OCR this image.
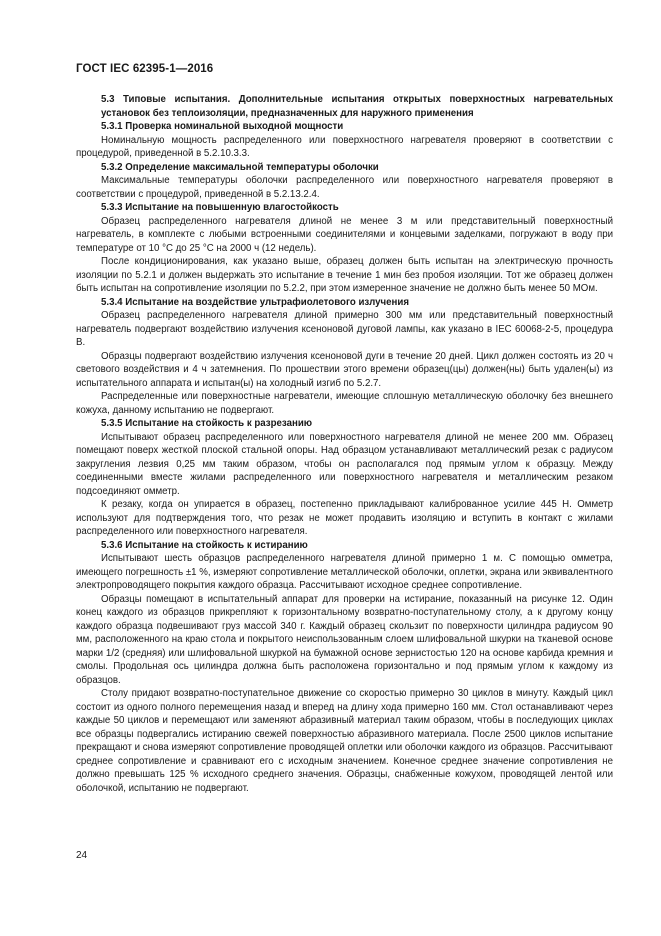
ГОСТ IEC 62395-1—2016
5.3 Типовые испытания. Дополнительные испытания открытых поверхностных нагревательных установок без теплоизоляции, предназначенных для наружного применения
5.3.1 Проверка номинальной выходной мощности

Номинальную мощность распределенного или поверхностного нагревателя проверяют в соответствии с процедурой, приведенной в 5.2.10.3.3.

5.3.2 Определение максимальной температуры оболочки

Максимальные температуры оболочки распределенного или поверхностного нагревателя проверяют в соответствии с процедурой, приведенной в 5.2.13.2.4.

5.3.3 Испытание на повышенную влагостойкость

Образец распределенного нагревателя длиной не менее 3 м или представительный поверхностный нагреватель, в комплекте с любыми встроенными соединителями и концевыми заделками, погружают в воду при температуре от 10 °С до 25 °С на 2000 ч (12 недель).

После кондиционирования, как указано выше, образец должен быть испытан на электрическую прочность изоляции по 5.2.1 и должен выдержать это испытание в течение 1 мин без пробоя изоляции. Тот же образец должен быть испытан на сопротивление изоляции по 5.2.2, при этом измеренное значение не должно быть менее 50 МОм.

5.3.4 Испытание на воздействие ультрафиолетового излучения

Образец распределенного нагревателя длиной примерно 300 мм или представительный поверхностный нагреватель подвергают воздействию излучения ксеноновой дуговой лампы, как указано в IEC 60068-2-5, процедура B.

Образцы подвергают воздействию излучения ксеноновой дуги в течение 20 дней. Цикл должен состоять из 20 ч светового воздействия и 4 ч затемнения. По прошествии этого времени образец(цы) должен(ны) быть удален(ы) из испытательного аппарата и испытан(ы) на холодный изгиб по 5.2.7.

Распределенные или поверхностные нагреватели, имеющие сплошную металлическую оболочку без внешнего кожуха, данному испытанию не подвергают.

5.3.5 Испытание на стойкость к разрезанию

Испытывают образец распределенного или поверхностного нагревателя длиной не менее 200 мм. Образец помещают поверх жесткой плоской стальной опоры. Над образцом устанавливают металлический резак с радиусом закругления лезвия 0,25 мм таким образом, чтобы он располагался под прямым углом к образцу. Между соединенными вместе жилами распределенного или поверхностного нагревателя и металлическим резаком подсоединяют омметр.

К резаку, когда он упирается в образец, постепенно прикладывают калиброванное усилие 445 Н. Омметр используют для подтверждения того, что резак не может продавить изоляцию и вступить в контакт с жилами распределенного или поверхностного нагревателя.

5.3.6 Испытание на стойкость к истиранию

Испытывают шесть образцов распределенного нагревателя длиной примерно 1 м. С помощью омметра, имеющего погрешность ±1 %, измеряют сопротивление металлической оболочки, оплетки, экрана или эквивалентного электропроводящего покрытия каждого образца. Рассчитывают исходное среднее сопротивление.

Образцы помещают в испытательный аппарат для проверки на истирание, показанный на рисунке 12. Один конец каждого из образцов прикрепляют к горизонтальному возвратно-поступательному столу, а к другому концу каждого образца подвешивают груз массой 340 г. Каждый образец скользит по поверхности цилиндра радиусом 90 мм, расположенного на краю стола и покрытого неиспользованным слоем шлифовальной шкурки на тканевой основе марки 1/2 (средняя) или шлифовальной шкуркой на бумажной основе зернистостью 120 на основе карбида кремния и смолы. Продольная ось цилиндра должна быть расположена горизонтально и под прямым углом к каждому из образцов.

Столу придают возвратно-поступательное движение со скоростью примерно 30 циклов в минуту. Каждый цикл состоит из одного полного перемещения назад и вперед на длину хода примерно 160 мм. Стол останавливают через каждые 50 циклов и перемещают или заменяют абразивный материал таким образом, чтобы в последующих циклах все образцы подвергались истиранию свежей поверхностью абразивного материала. После 2500 циклов испытание прекращают и снова измеряют сопротивление проводящей оплетки или оболочки каждого из образцов. Рассчитывают среднее сопротивление и сравнивают его с исходным значением. Конечное среднее значение сопротивления не должно превышать 125 % исходного среднего значения. Образцы, снабженные кожухом, проводящей лентой или оболочкой, испытанию не подвергают.

24
